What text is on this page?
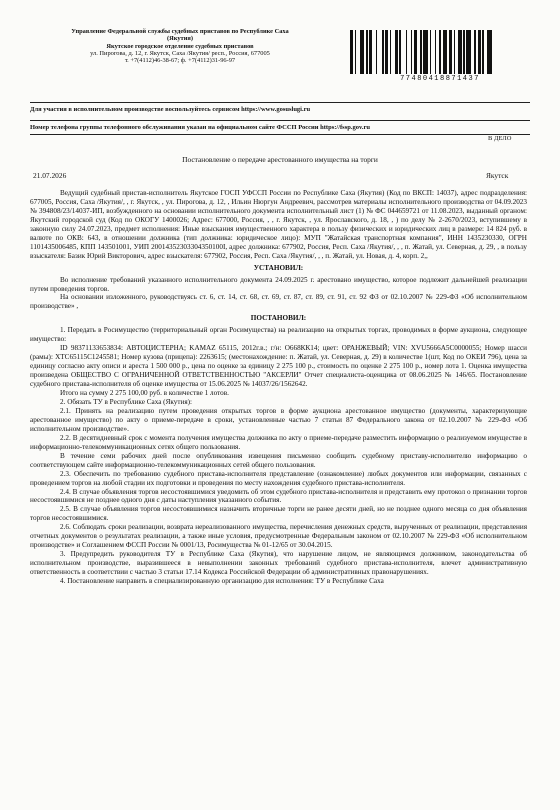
Управление Федеральной службы судебных приставов по Республике Саха
(Якутия)
Якутское городское отделение судебных приставов
ул. Пирогова, д. 12, г. Якутск, Саха /Якутия/ респ., Россия, 677005
т. +7(4112)46-38-67; ф. +7(4112)31-96-97
77480418871437
Для участия в исполнительном производстве воспользуйтесь сервисом https://www.gosuslugi.ru
Номер телефона группы телефонного обслуживания указан на официальном сайте ФССП России https://fssp.gov.ru
В ДЕЛО
Постановление о передаче арестованного имущества на торги
21.07.2026	Якутск

Ведущий судебный пристав-исполнитель Якутское ГОСП УФССП России по Республике Саха (Якутия) (Код по ВКСП: 14037), адрес подразделения: 677005, Россия, Саха /Якутия/, , г. Якутск, , ул. Пирогова, д. 12, , Ильин Нюргун Андреевич, рассмотрев материалы исполнительного производства от 04.09.2023 № 394808/23/14037-ИП, возбужденного на основании исполнительного документа исполнительный лист (1) № ФС 044659721 от 11.08.2023, выданный органом: Якутский городской суд (Код по ОКОГУ 1400026; Адрес: 677000, Россия, , , г. Якутск, , ул. Ярославского, д. 18, , ) по делу № 2-2670/2023, вступившему в законную силу 24.07.2023, предмет исполнения: Иные взыскания имущественного характера в пользу физических и юридических лиц в размере: 14 824 руб. в валюте по ОКВ: 643, в отношении должника (тип должника: юридическое лицо): МУП "Жатайская транспортная компания", ИНН 1435230330, ОГРН 1101435006485, КПП 143501001, УИП 20014352303304350100I, адрес должника: 677902, Россия, Респ. Саха /Якутия/, , , п. Жатай, ул. Северная, д. 29, , в пользу взыскателя: Базик Юрий Викторович, адрес взыскателя: 677902, Россия, Респ. Саха /Якутия/, , , п. Жатай, ул. Новая, д. 4, корп. 2,,

УСТАНОВИЛ:

Во исполнение требований указанного исполнительного документа 24.09.2025 г. арестовано имущество, которое подлежит дальнейшей реализации путем проведения торгов.

На основании изложенного, руководствуясь ст. 6, ст. 14, ст. 68, ст. 69, ст. 87, ст. 89, ст. 91, ст. 92 ФЗ от 02.10.2007 № 229-ФЗ «Об исполнительном производстве» ,

ПОСТАНОВИЛ:

1. Передать в Росимущество (территориальный орган Росимущества) на реализацию на открытых торгах, проводимых в форме аукциона, следующее имущество:

ID 98371133653834: АВТОЦИСТЕРНА; KAMAZ 65115, 2012г.в.; г/н: О668КК14; цвет: ОРАНЖЕВЫЙ; VIN: XVU5666A5C0000055; Номер шасси (рамы): XTC65115C1245581; Номер кузова (прицепа): 2263615; (местонахождение: п. Жатай, ул. Северная, д. 29) в количестве 1(шт, Код по ОКЕИ 796), цена за единицу согласно акту описи и ареста 1 500 000 р., цена по оценке за единицу 2 275 100 р., стоимость по оценке 2 275 100 р., номер лота 1. Оценка имущества произведена ОБЩЕСТВО С ОГРАНИЧЕННОЙ ОТВЕТСТВЕННОСТЬЮ "АКСЕРЛИ" Отчет специалиста-оценщика от 08.06.2025 № 146/65. Постановление судебного пристава-исполнителя об оценке имущества от 15.06.2025 № 14037/26/1562642.

Итого на сумму 2 275 100,00 руб. в количестве 1 лотов.

2. Обязать ТУ в Республике Саха (Якутия):

2.1. Принять на реализацию путем проведения открытых торгов в форме аукциона арестованное имущество (документы, характеризующие арестованное имущество) по акту о приеме-передаче в сроки, установленные частью 7 статьи 87 Федерального закона от 02.10.2007 № 229-ФЗ «Об исполнительном производстве».

2.2. В десятидневный срок с момента получения имущества должника по акту о приеме-передаче разместить информацию о реализуемом имуществе в информационно-телекоммуникационных сетях общего пользования.

В течение семи рабочих дней после опубликования извещения письменно сообщить судебному приставу-исполнителю информацию о соответствующем сайте информационно-телекоммуникационных сетей общего пользования.

2.3. Обеспечить по требованию судебного пристава-исполнителя представление (ознакомление) любых документов или информации, связанных с проведением торгов на любой стадии их подготовки и проведения по месту нахождения судебного пристава-исполнителя.

2.4. В случае объявления торгов несостоявшимися уведомить об этом судебного пристава-исполнителя и представить ему протокол о признании торгов несостоявшимися не позднее одного дня с даты наступления указанного события.

2.5. В случае объявления торгов несостоявшимися назначить вторичные торги не ранее десяти дней, но не позднее одного месяца со дня объявления торгов несостоявшимися.

2.6. Соблюдать сроки реализации, возврата нереализованного имущества, перечисления денежных средств, вырученных от реализации, представления отчетных документов о результатах реализации, а также иные условия, предусмотренные Федеральным законом от 02.10.2007 № 229-ФЗ «Об исполнительном производстве» и Соглашением ФССП России № 0001/13, Росимущества № 01-12/65 от 30.04.2015.

3. Предупредить руководителя ТУ в Республике Саха (Якутия), что нарушение лицом, не являющимся должником, законодательства об исполнительном производстве, выразившееся в невыполнении законных требований судебного пристава-исполнителя, влечет административную ответственность в соответствии с частью 3 статьи 17.14 Кодекса Российской Федерации об административных правонарушениях.

4. Постановление направить в специализированную организацию для исполнения: ТУ в Республике Саха
